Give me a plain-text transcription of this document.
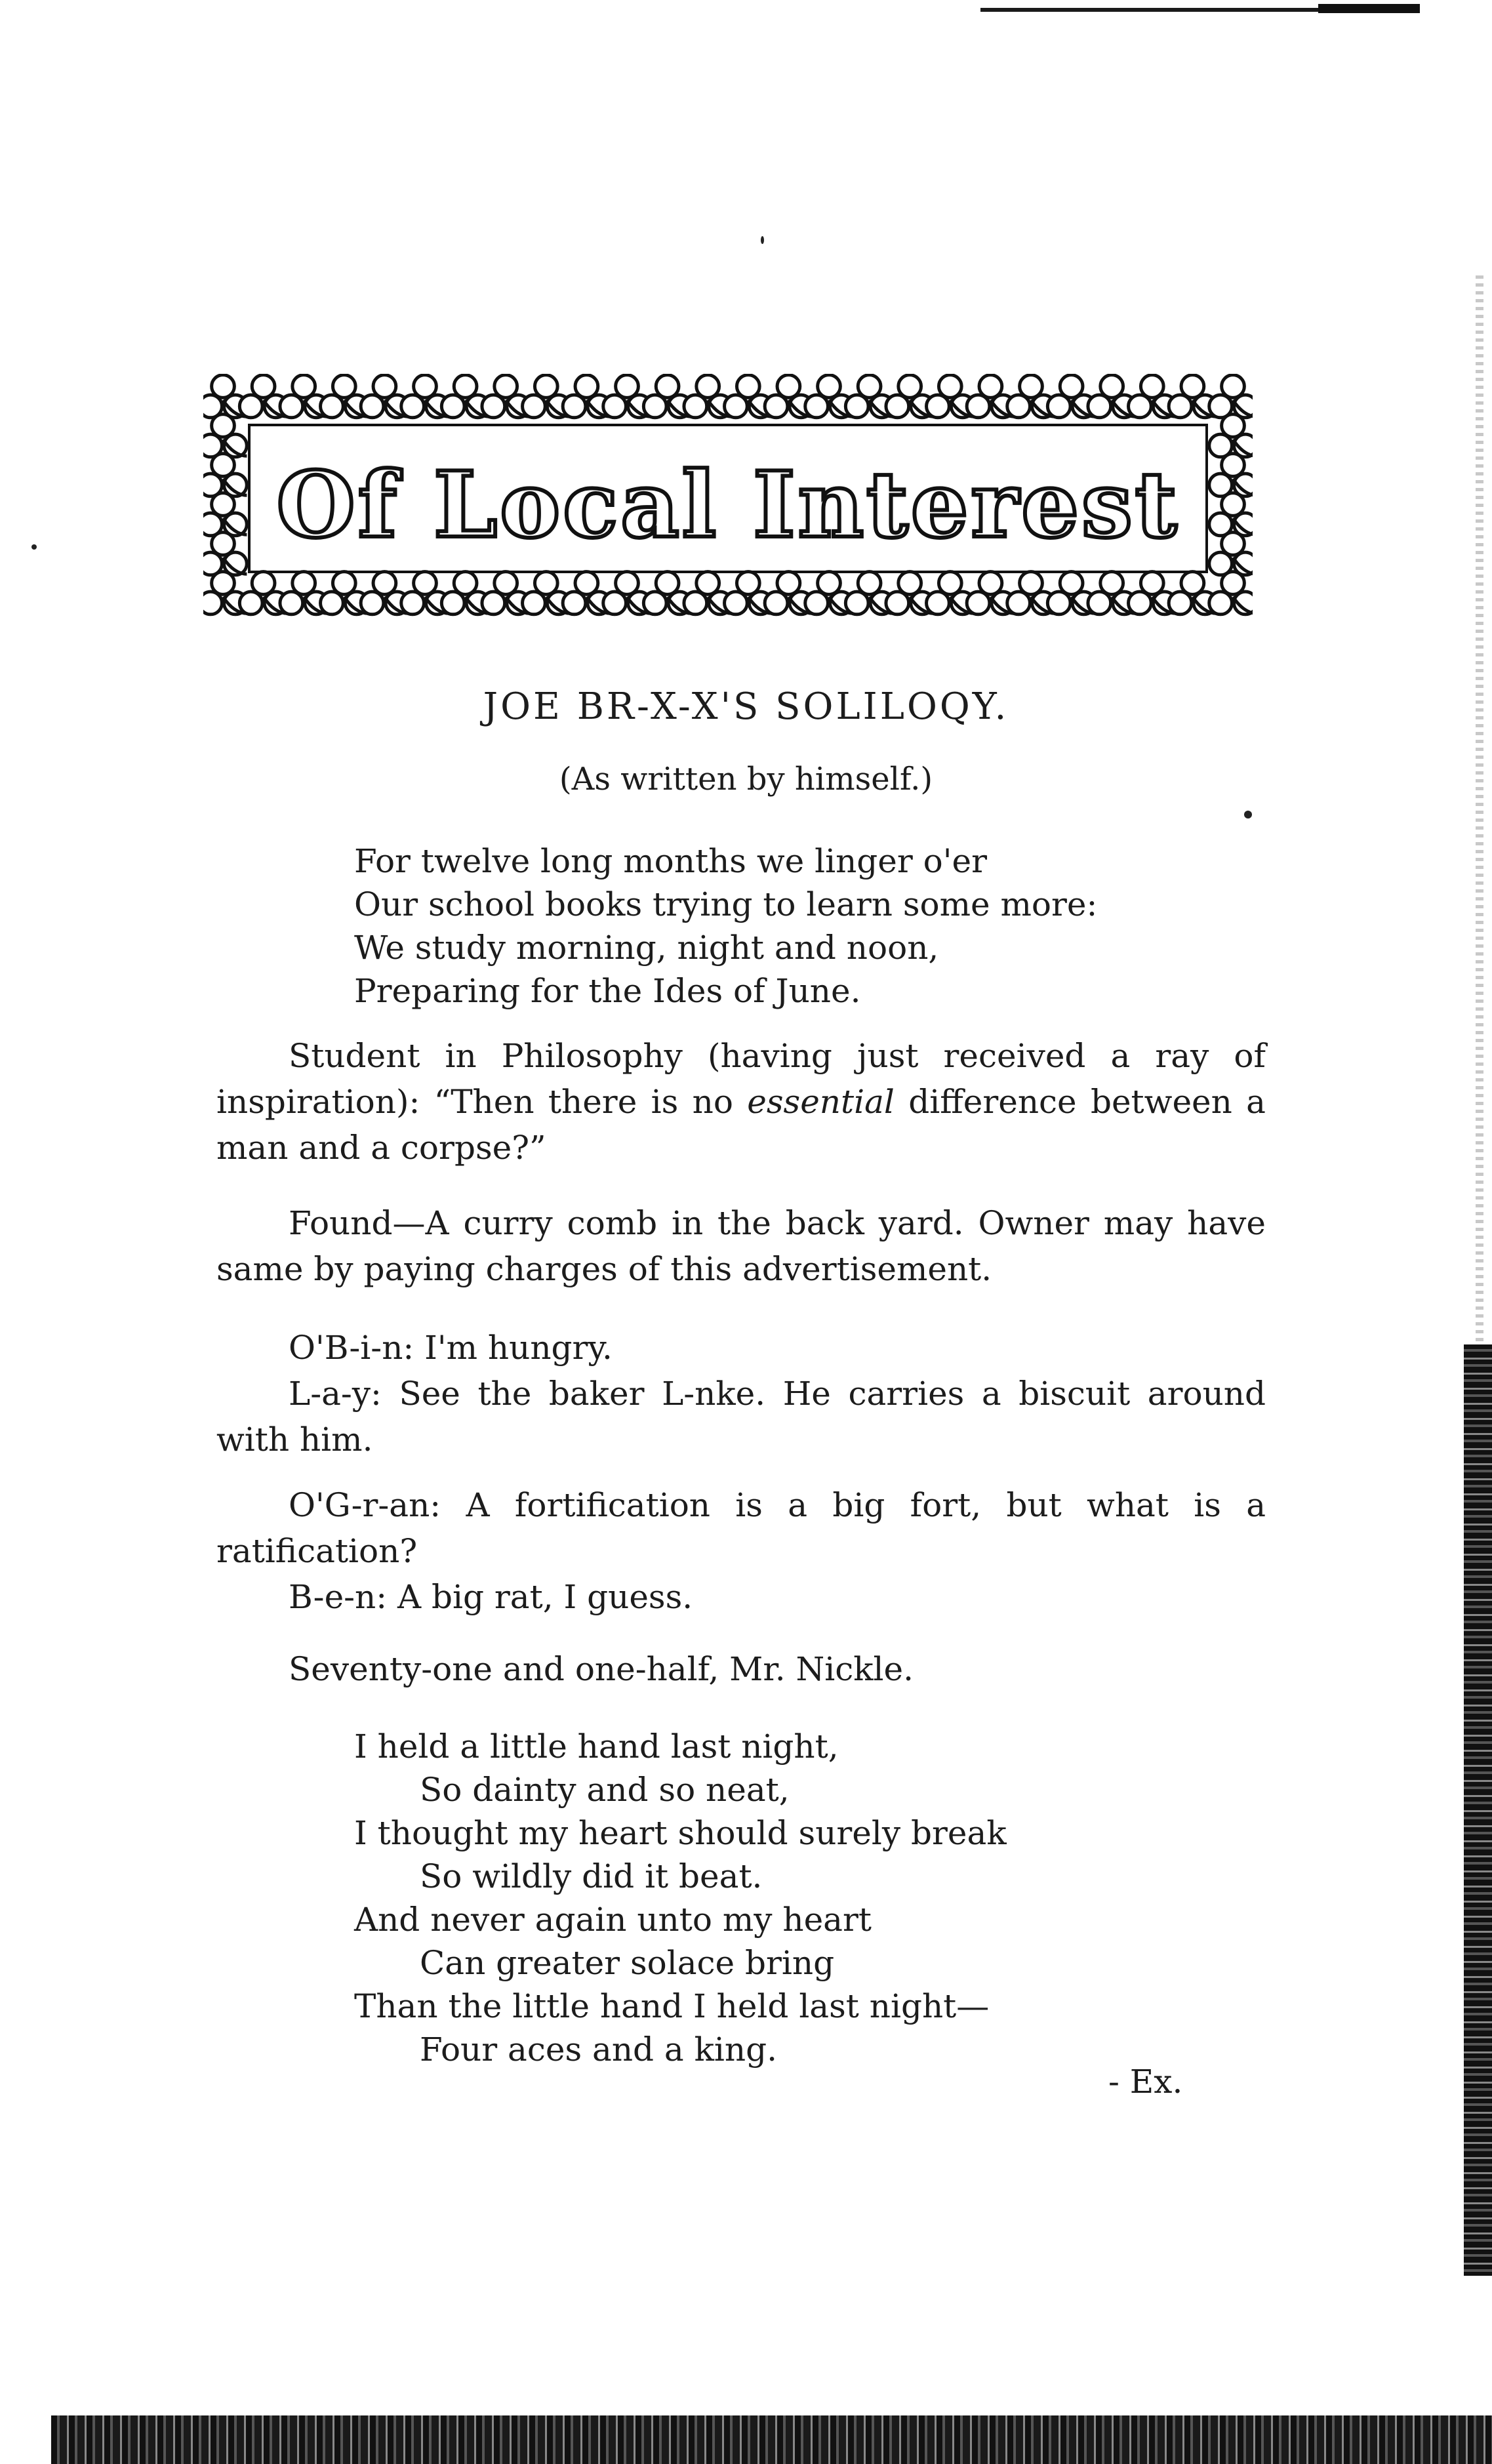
Of Local Interest
JOE BR-X-X'S SOLILOQY.
(As written by himself.)
For twelve long months we linger o'er
Our school books trying to learn some more:
We study morning, night and noon,
Preparing for the Ides of June.
Student in Philosophy (having just received a ray of inspiration): “Then there is no essential difference between a man and a corpse?”
Found—A curry comb in the back yard. Owner may have same by paying charges of this advertisement.
O'B-i-n: I'm hungry.
L-a-y: See the baker L-nke. He carries a biscuit around with him.
O'G-r-an: A fortification is a big fort, but what is a ratification?
B-e-n: A big rat, I guess.
Seventy-one and one-half, Mr. Nickle.
I held a little hand last night,
So dainty and so neat,
I thought my heart should surely break
So wildly did it beat.
And never again unto my heart
Can greater solace bring
Than the little hand I held last night—
Four aces and a king.
- Ex.
